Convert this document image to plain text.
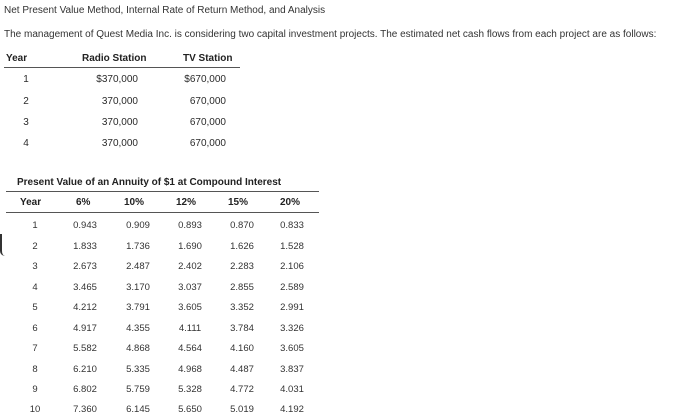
Net Present Value Method, Internal Rate of Return Method, and Analysis
The management of Quest Media Inc. is considering two capital investment projects. The estimated net cash flows from each project are as follows:
Year	Radio Station	TV Station
1	$370,000	$670,000
2	370,000	670,000
3	370,000	670,000
4	370,000	670,000
Present Value of an Annuity of $1 at Compound Interest
Year	6%	10%	12%	15%	20%
1	0.943	0.909	0.893	0.870	0.833
2	1.833	1.736	1.690	1.626	1.528
3	2.673	2.487	2.402	2.283	2.106
4	3.465	3.170	3.037	2.855	2.589
5	4.212	3.791	3.605	3.352	2.991
6	4.917	4.355	4.111	3.784	3.326
7	5.582	4.868	4.564	4.160	3.605
8	6.210	5.335	4.968	4.487	3.837
9	6.802	5.759	5.328	4.772	4.031
10	7.360	6.145	5.650	5.019	4.192
